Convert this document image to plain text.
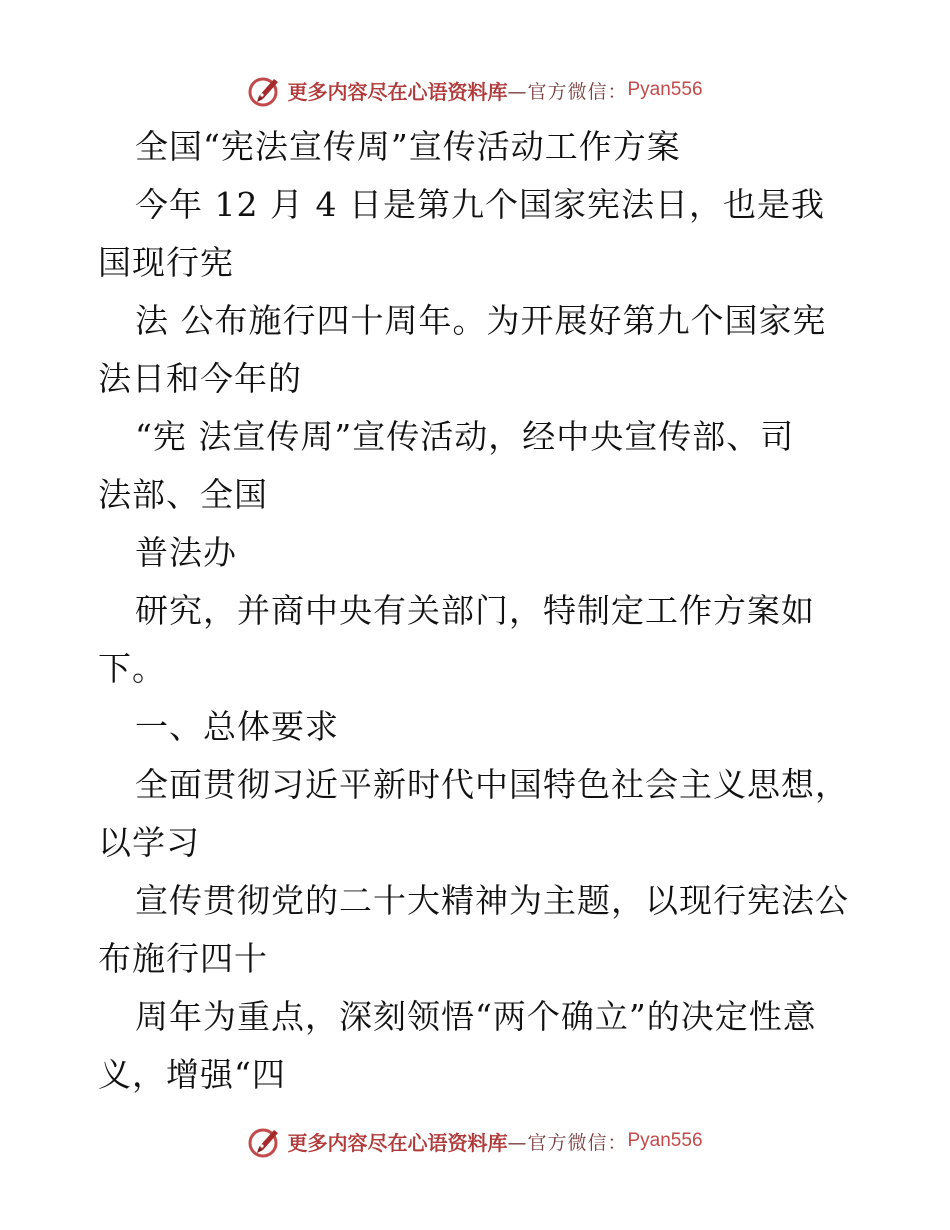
更多内容尽在心语资料库 —官方微信： Pyan556
全国“宪法宣传周”宣传活动工作方案
今年 12 月 4 日是第九个国家宪法日，也是我
国现行宪
法 公布施行四十周年。为开展好第九个国家宪
法日和今年的
“宪 法宣传周”宣传活动，经中央宣传部、司
法部、全国
普法办
研究，并商中央有关部门，特制定工作方案如
下。
一、总体要求
全面贯彻习近平新时代中国特色社会主义思想，
以学习
宣传贯彻党的二十大精神为主题，以现行宪法公
布施行四十
周年为重点，深刻领悟“两个确立”的决定性意
义，增强“四
更多内容尽在心语资料库 —官方微信： Pyan556
